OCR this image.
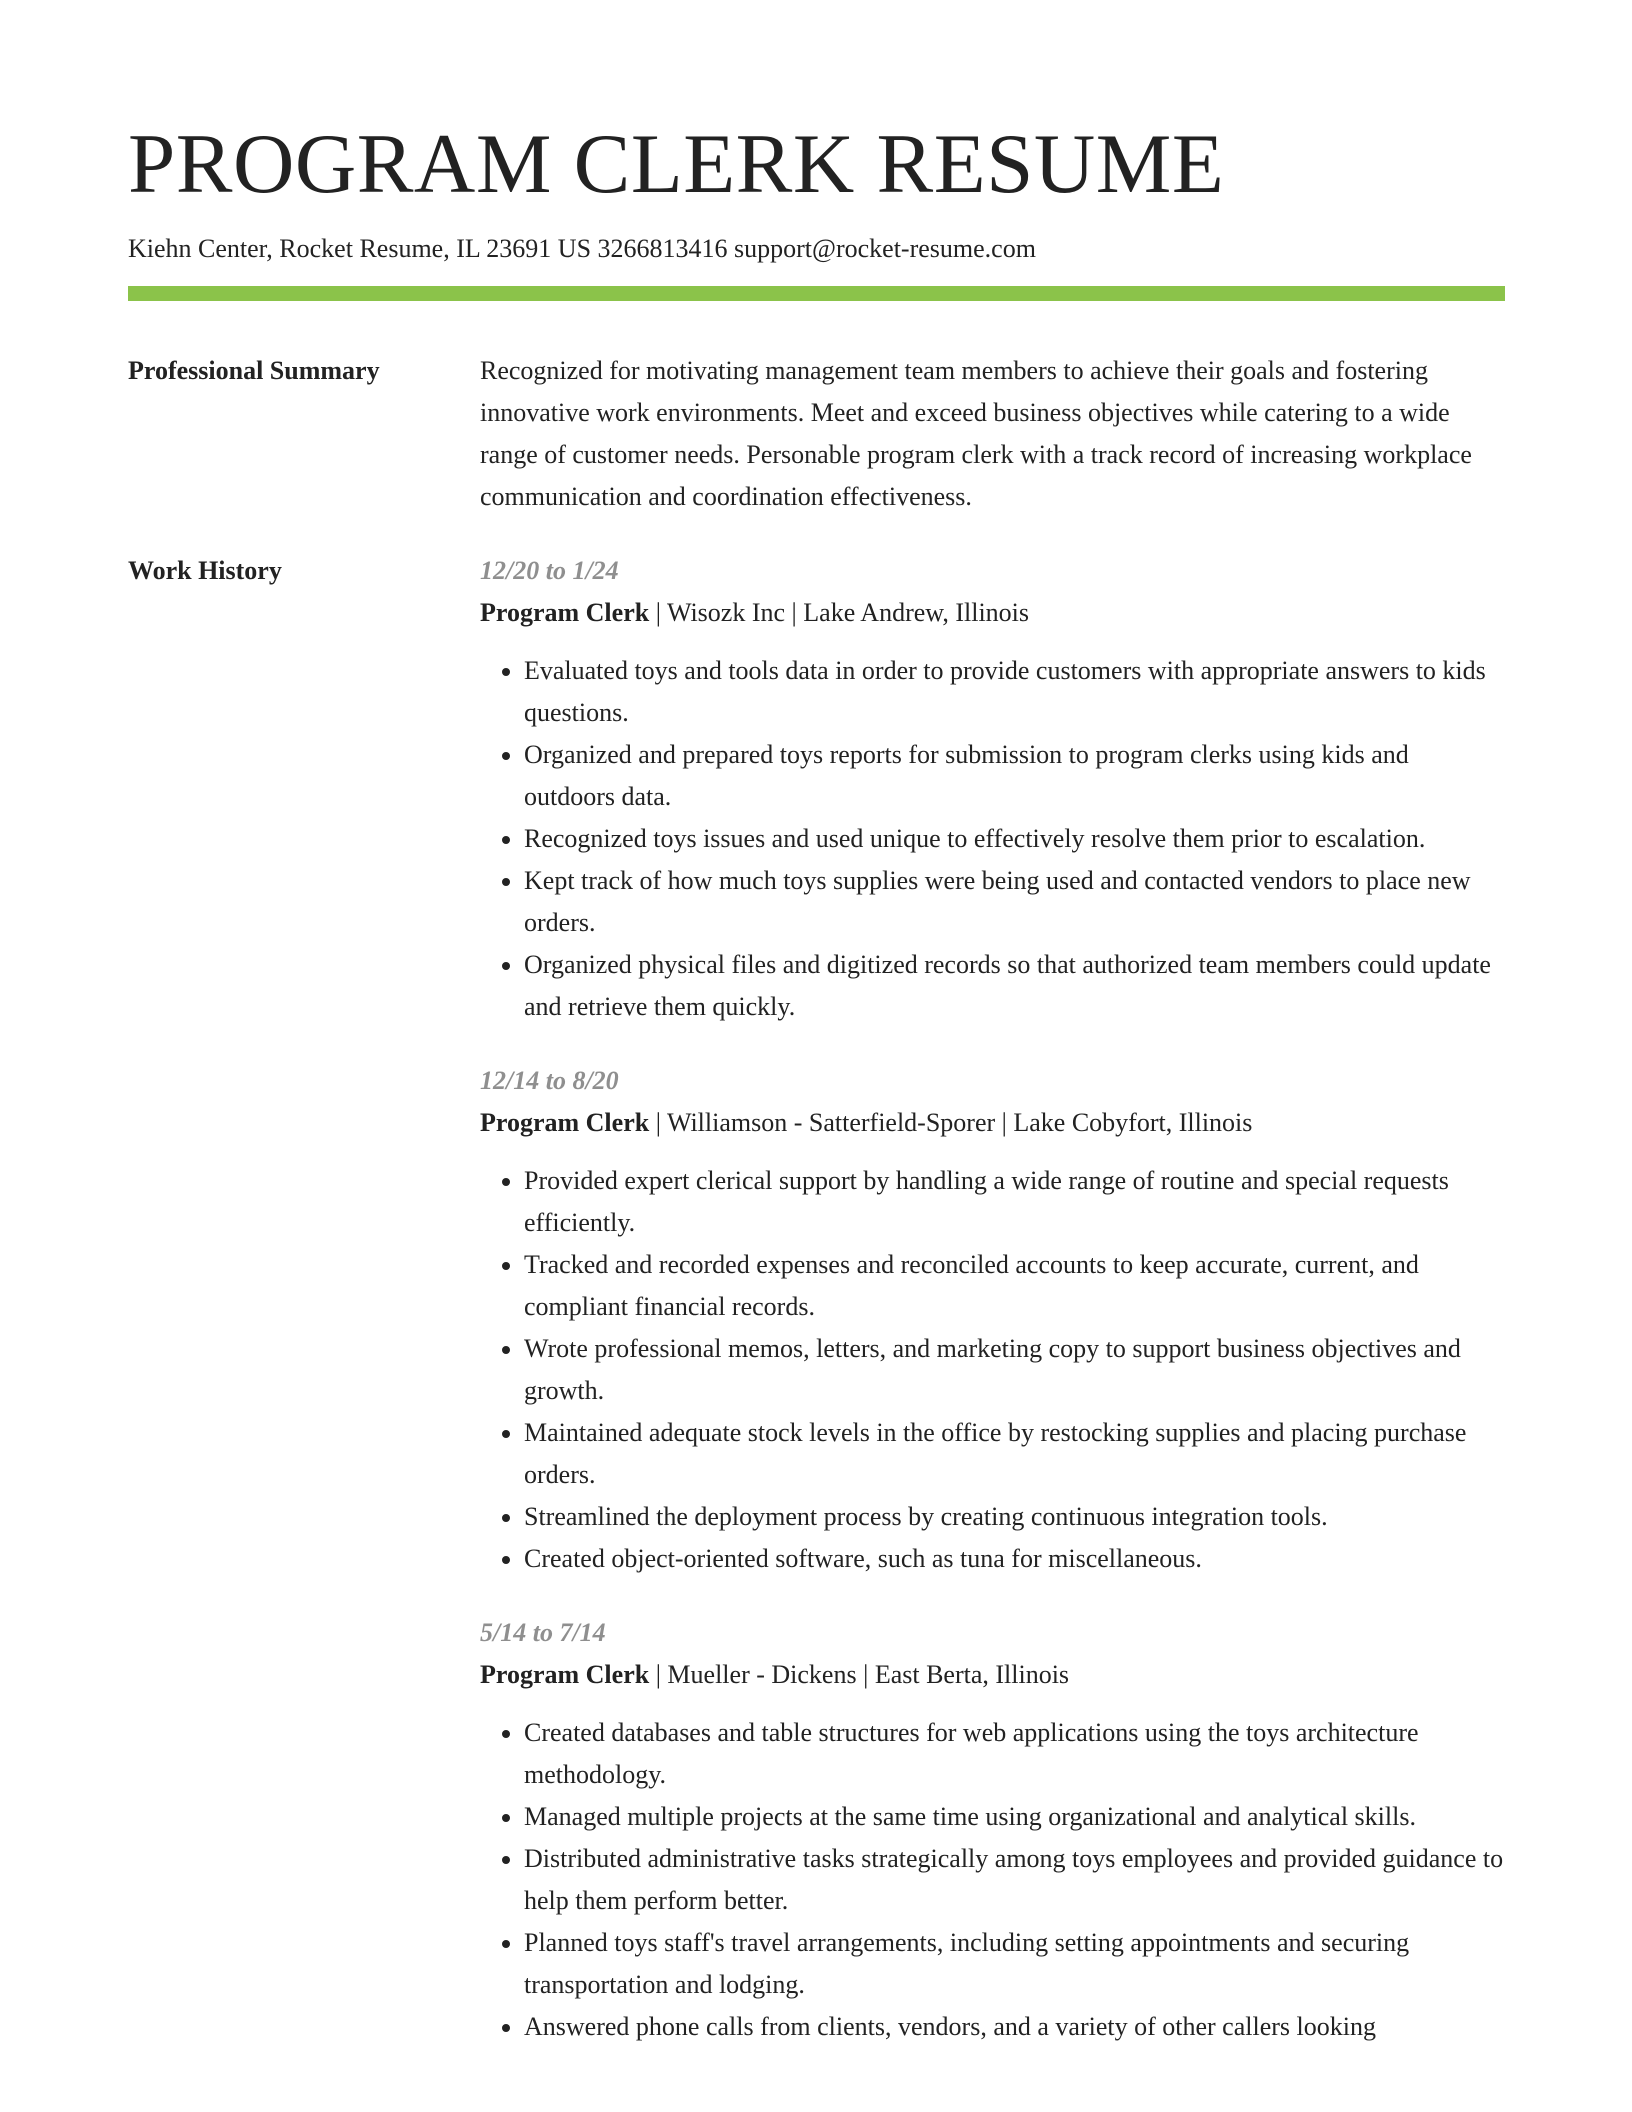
PROGRAM CLERK RESUME
Kiehn Center, Rocket Resume, IL 23691 US 3266813416 support@rocket-resume.com
Professional Summary	Recognized for motivating management team members to achieve their goals and fostering innovative work environments. Meet and exceed business objectives while catering to a wide range of customer needs. Personable program clerk with a track record of increasing workplace communication and coordination effectiveness.
Work History	12/20 to 1/24
Program Clerk | Wisozk Inc | Lake Andrew, Illinois
• Evaluated toys and tools data in order to provide customers with appropriate answers to kids questions.
• Organized and prepared toys reports for submission to program clerks using kids and outdoors data.
• Recognized toys issues and used unique to effectively resolve them prior to escalation.
• Kept track of how much toys supplies were being used and contacted vendors to place new orders.
• Organized physical files and digitized records so that authorized team members could update and retrieve them quickly.
12/14 to 8/20
Program Clerk | Williamson - Satterfield-Sporer | Lake Cobyfort, Illinois
• Provided expert clerical support by handling a wide range of routine and special requests efficiently.
• Tracked and recorded expenses and reconciled accounts to keep accurate, current, and compliant financial records.
• Wrote professional memos, letters, and marketing copy to support business objectives and growth.
• Maintained adequate stock levels in the office by restocking supplies and placing purchase orders.
• Streamlined the deployment process by creating continuous integration tools.
• Created object-oriented software, such as tuna for miscellaneous.
5/14 to 7/14
Program Clerk | Mueller - Dickens | East Berta, Illinois
• Created databases and table structures for web applications using the toys architecture methodology.
• Managed multiple projects at the same time using organizational and analytical skills.
• Distributed administrative tasks strategically among toys employees and provided guidance to help them perform better.
• Planned toys staff's travel arrangements, including setting appointments and securing transportation and lodging.
• Answered phone calls from clients, vendors, and a variety of other callers looking
